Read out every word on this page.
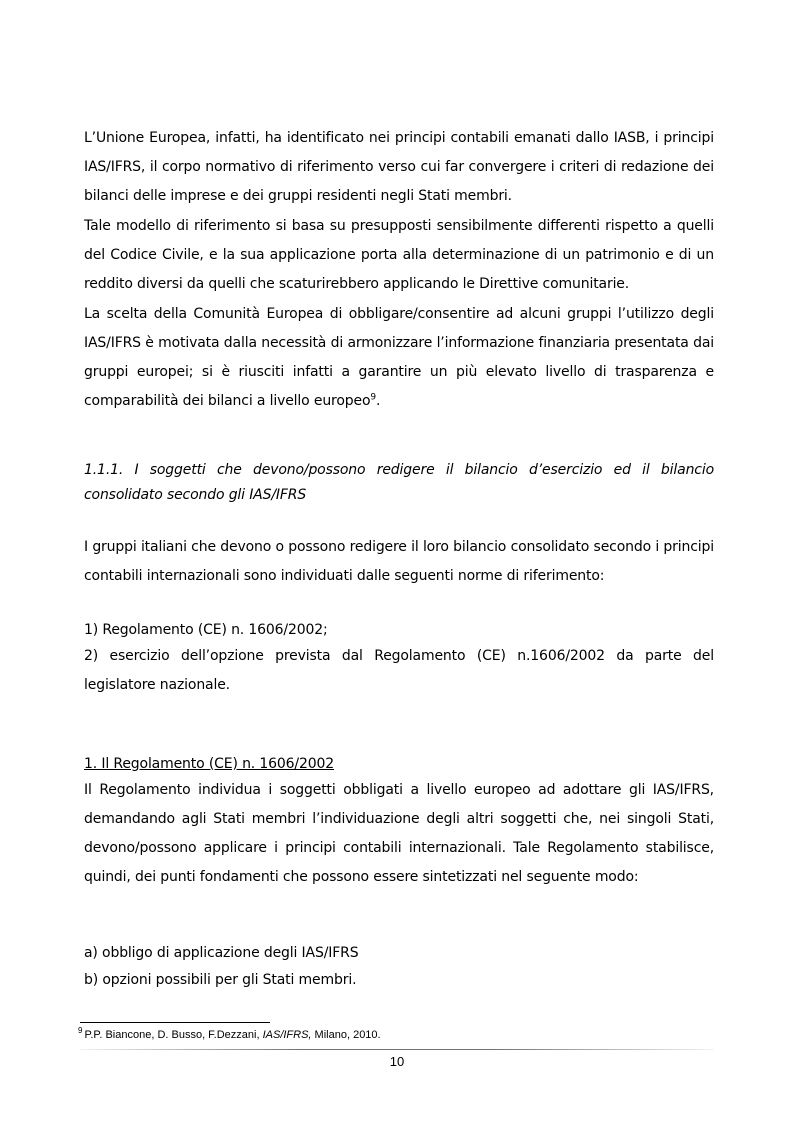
L’Unione Europea, infatti, ha identificato nei principi contabili emanati dallo IASB, i principi IAS/IFRS, il corpo normativo di riferimento verso cui far convergere i criteri di redazione dei bilanci delle imprese e dei gruppi residenti negli Stati membri.

Tale modello di riferimento si basa su presupposti sensibilmente differenti rispetto a quelli del Codice Civile, e la sua applicazione porta alla determinazione di un patrimonio e di un reddito diversi da quelli che scaturirebbero applicando le Direttive comunitarie.

La scelta della Comunità Europea di obbligare/consentire ad alcuni gruppi l’utilizzo degli IAS/IFRS è motivata dalla necessità di armonizzare l’informazione finanziaria presentata dai gruppi europei; si è riusciti infatti a garantire un più elevato livello di trasparenza e comparabilità dei bilanci a livello europeo$^9$.

1.1.1. I soggetti che devono/possono redigere il bilancio d’esercizio ed il bilancio consolidato secondo gli IAS/IFRS

I gruppi italiani che devono o possono redigere il loro bilancio consolidato secondo i principi contabili internazionali sono individuati dalle seguenti norme di riferimento:

1) Regolamento (CE) n. 1606/2002;

2) esercizio dell’opzione prevista dal Regolamento (CE) n.1606/2002 da parte del legislatore nazionale.

1. Il Regolamento (CE) n. 1606/2002

Il Regolamento individua i soggetti obbligati a livello europeo ad adottare gli IAS/IFRS, demandando agli Stati membri l’individuazione degli altri soggetti che, nei singoli Stati, devono/possono applicare i principi contabili internazionali. Tale Regolamento stabilisce, quindi, dei punti fondamenti che possono essere sintetizzati nel seguente modo:

a) obbligo di applicazione degli IAS/IFRS

b) opzioni possibili per gli Stati membri.

$^9$ P.P. Biancone, D. Busso, F.Dezzani, IAS/IFRS, Milano, 2010.
10
